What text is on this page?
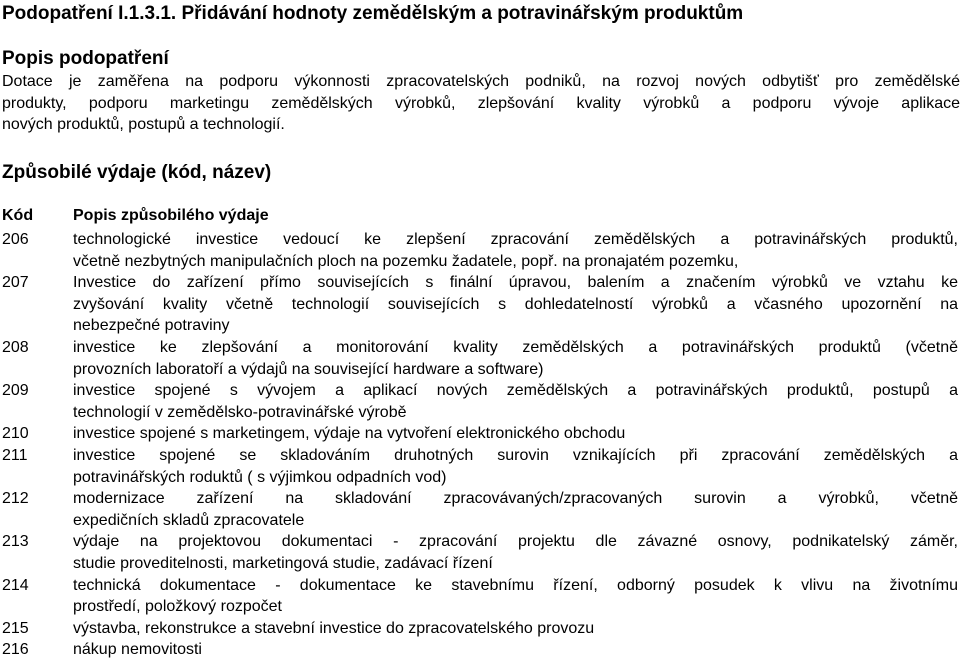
Podopatření I.1.3.1. Přidávání hodnoty zemědělským a potravinářským produktům
Popis podopatření
Dotace je zaměřena na podporu výkonnosti zpracovatelských podniků, na rozvoj nových odbytišť pro zemědělské
produkty, podporu marketingu zemědělských výrobků, zlepšování kvality výrobků a podporu vývoje aplikace
nových produktů, postupů a technologií.
Způsobilé výdaje (kód, název)
Kód Popis způsobilého výdaje
206	technologické investice vedoucí ke zlepšení zpracování zemědělských a potravinářských produktů,
včetně nezbytných manipulačních ploch na pozemku žadatele, popř. na pronajatém pozemku,
207	Investice do zařízení přímo souvisejících s finální úpravou, balením a značením výrobků ve vztahu ke
zvyšování kvality včetně technologií souvisejících s dohledatelností výrobků a včasného upozornění na
nebezpečné potraviny
208	investice ke zlepšování a monitorování kvality zemědělských a potravinářských produktů (včetně
provozních laboratoří a výdajů na související hardware a software)
209	investice spojené s vývojem a aplikací nových zemědělských a potravinářských produktů, postupů a
technologií v zemědělsko-potravinářské výrobě
210	investice spojené s marketingem, výdaje na vytvoření elektronického obchodu
211	investice spojené se skladováním druhotných surovin vznikajících při zpracování zemědělských a
potravinářských roduktů ( s výjimkou odpadních vod)
212	modernizace zařízení na skladování zpracovávaných/zpracovaných surovin a výrobků, včetně
expedičních skladů zpracovatele
213	výdaje na projektovou dokumentaci - zpracování projektu dle závazné osnovy, podnikatelský záměr,
studie proveditelnosti, marketingová studie, zadávací řízení
214	technická dokumentace - dokumentace ke stavebnímu řízení, odborný posudek k vlivu na životnímu
prostředí, položkový rozpočet
215	výstavba, rekonstrukce a stavební investice do zpracovatelského provozu
216	nákup nemovitosti
